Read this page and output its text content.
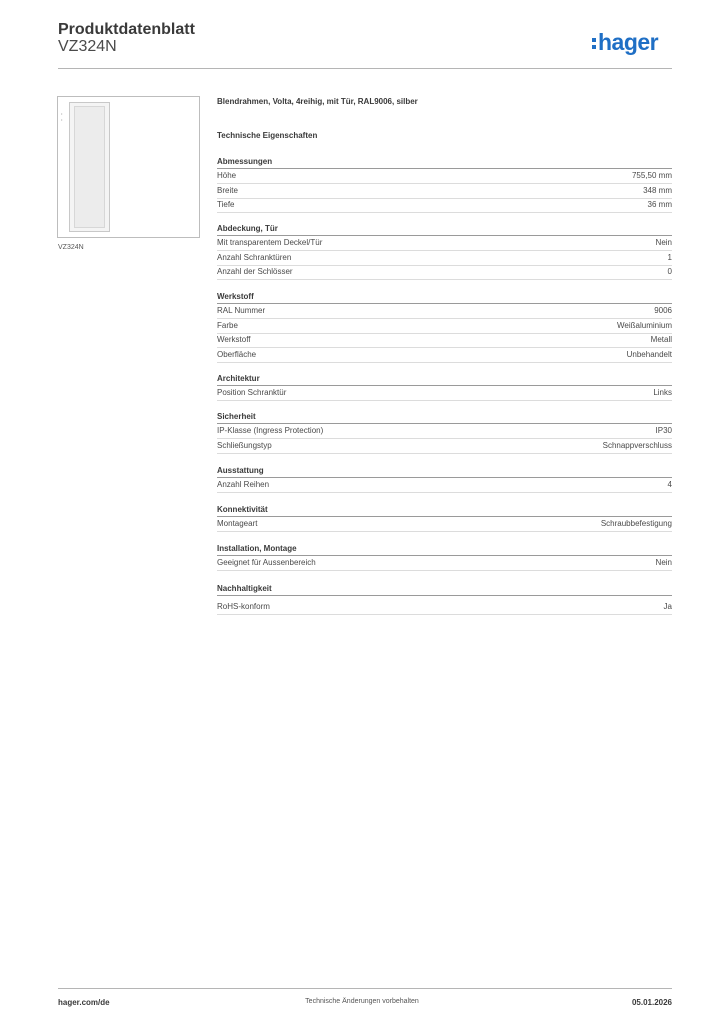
Produktdatenblatt
VZ324N	hager
•
•
VZ324N
Blendrahmen, Volta, 4reihig, mit Tür, RAL9006, silber
Technische Eigenschaften
Abmessungen
Höhe	755,50 mm
Breite	348 mm
Tiefe	36 mm
Abdeckung, Tür
Mit transparentem Deckel/Tür	Nein
Anzahl Schranktüren	1
Anzahl der Schlösser	0
Werkstoff
RAL Nummer	9006
Farbe	Weißaluminium
Werkstoff	Metall
Oberfläche	Unbehandelt
Architektur
Position Schranktür	Links
Sicherheit
IP-Klasse (Ingress Protection)	IP30
Schließungstyp	Schnappverschluss
Ausstattung
Anzahl Reihen	4
Konnektivität
Montageart	Schraubbefestigung
Installation, Montage
Geeignet für Aussenbereich	Nein
Nachhaltigkeit
RoHS-konform	Ja
hager.com/de	Technische Änderungen vorbehalten	05.01.2026
